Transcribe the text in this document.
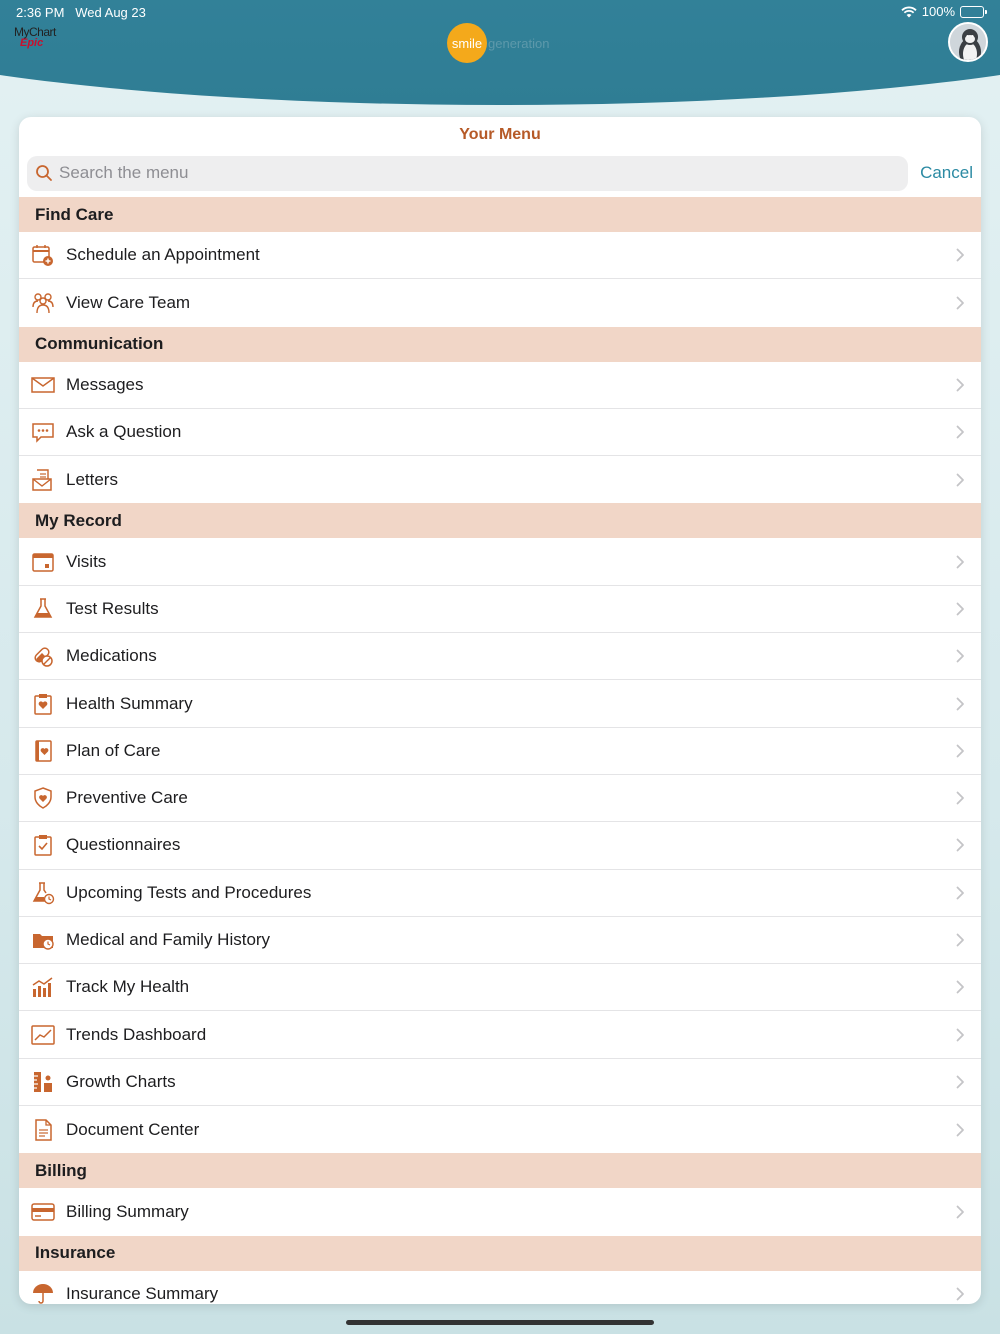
2:36 PM Wed Aug 23	100%
MyChart
Epic	smile generation
Your Menu
Search the menu
Cancel
Find Care
Schedule an Appointment
View Care Team
Communication
Messages
Ask a Question
Letters
My Record
Visits
Test Results
Medications
Health Summary
Plan of Care
Preventive Care
Questionnaires
Upcoming Tests and Procedures
Medical and Family History
Track My Health
Trends Dashboard
Growth Charts
Document Center
Billing
Billing Summary
Insurance
Insurance Summary
